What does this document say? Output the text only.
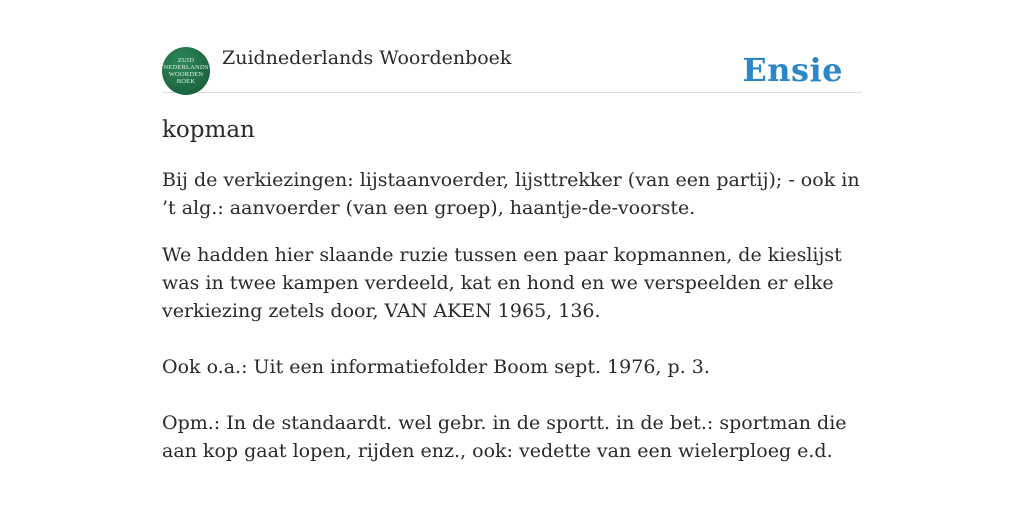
ZUID
NEDERLANDS
WOORDEN
BOEK
Zuidnederlands Woordenboek	Ensie
kopman

Bij de verkiezingen: lijstaanvoerder, lijsttrekker (van een partij); - ook in ’t alg.: aanvoerder (van een groep), haantje-de-voorste.

We hadden hier slaande ruzie tussen een paar kopmannen, de kieslijst was in twee kampen verdeeld, kat en hond en we verspeelden er elke verkiezing zetels door, VAN AKEN 1965, 136.

Ook o.a.: Uit een informatiefolder Boom sept. 1976, p. 3.

Opm.: In de standaardt. wel gebr. in de sportt. in de bet.: sportman die aan kop gaat lopen, rijden enz., ook: vedette van een wielerploeg e.d.
